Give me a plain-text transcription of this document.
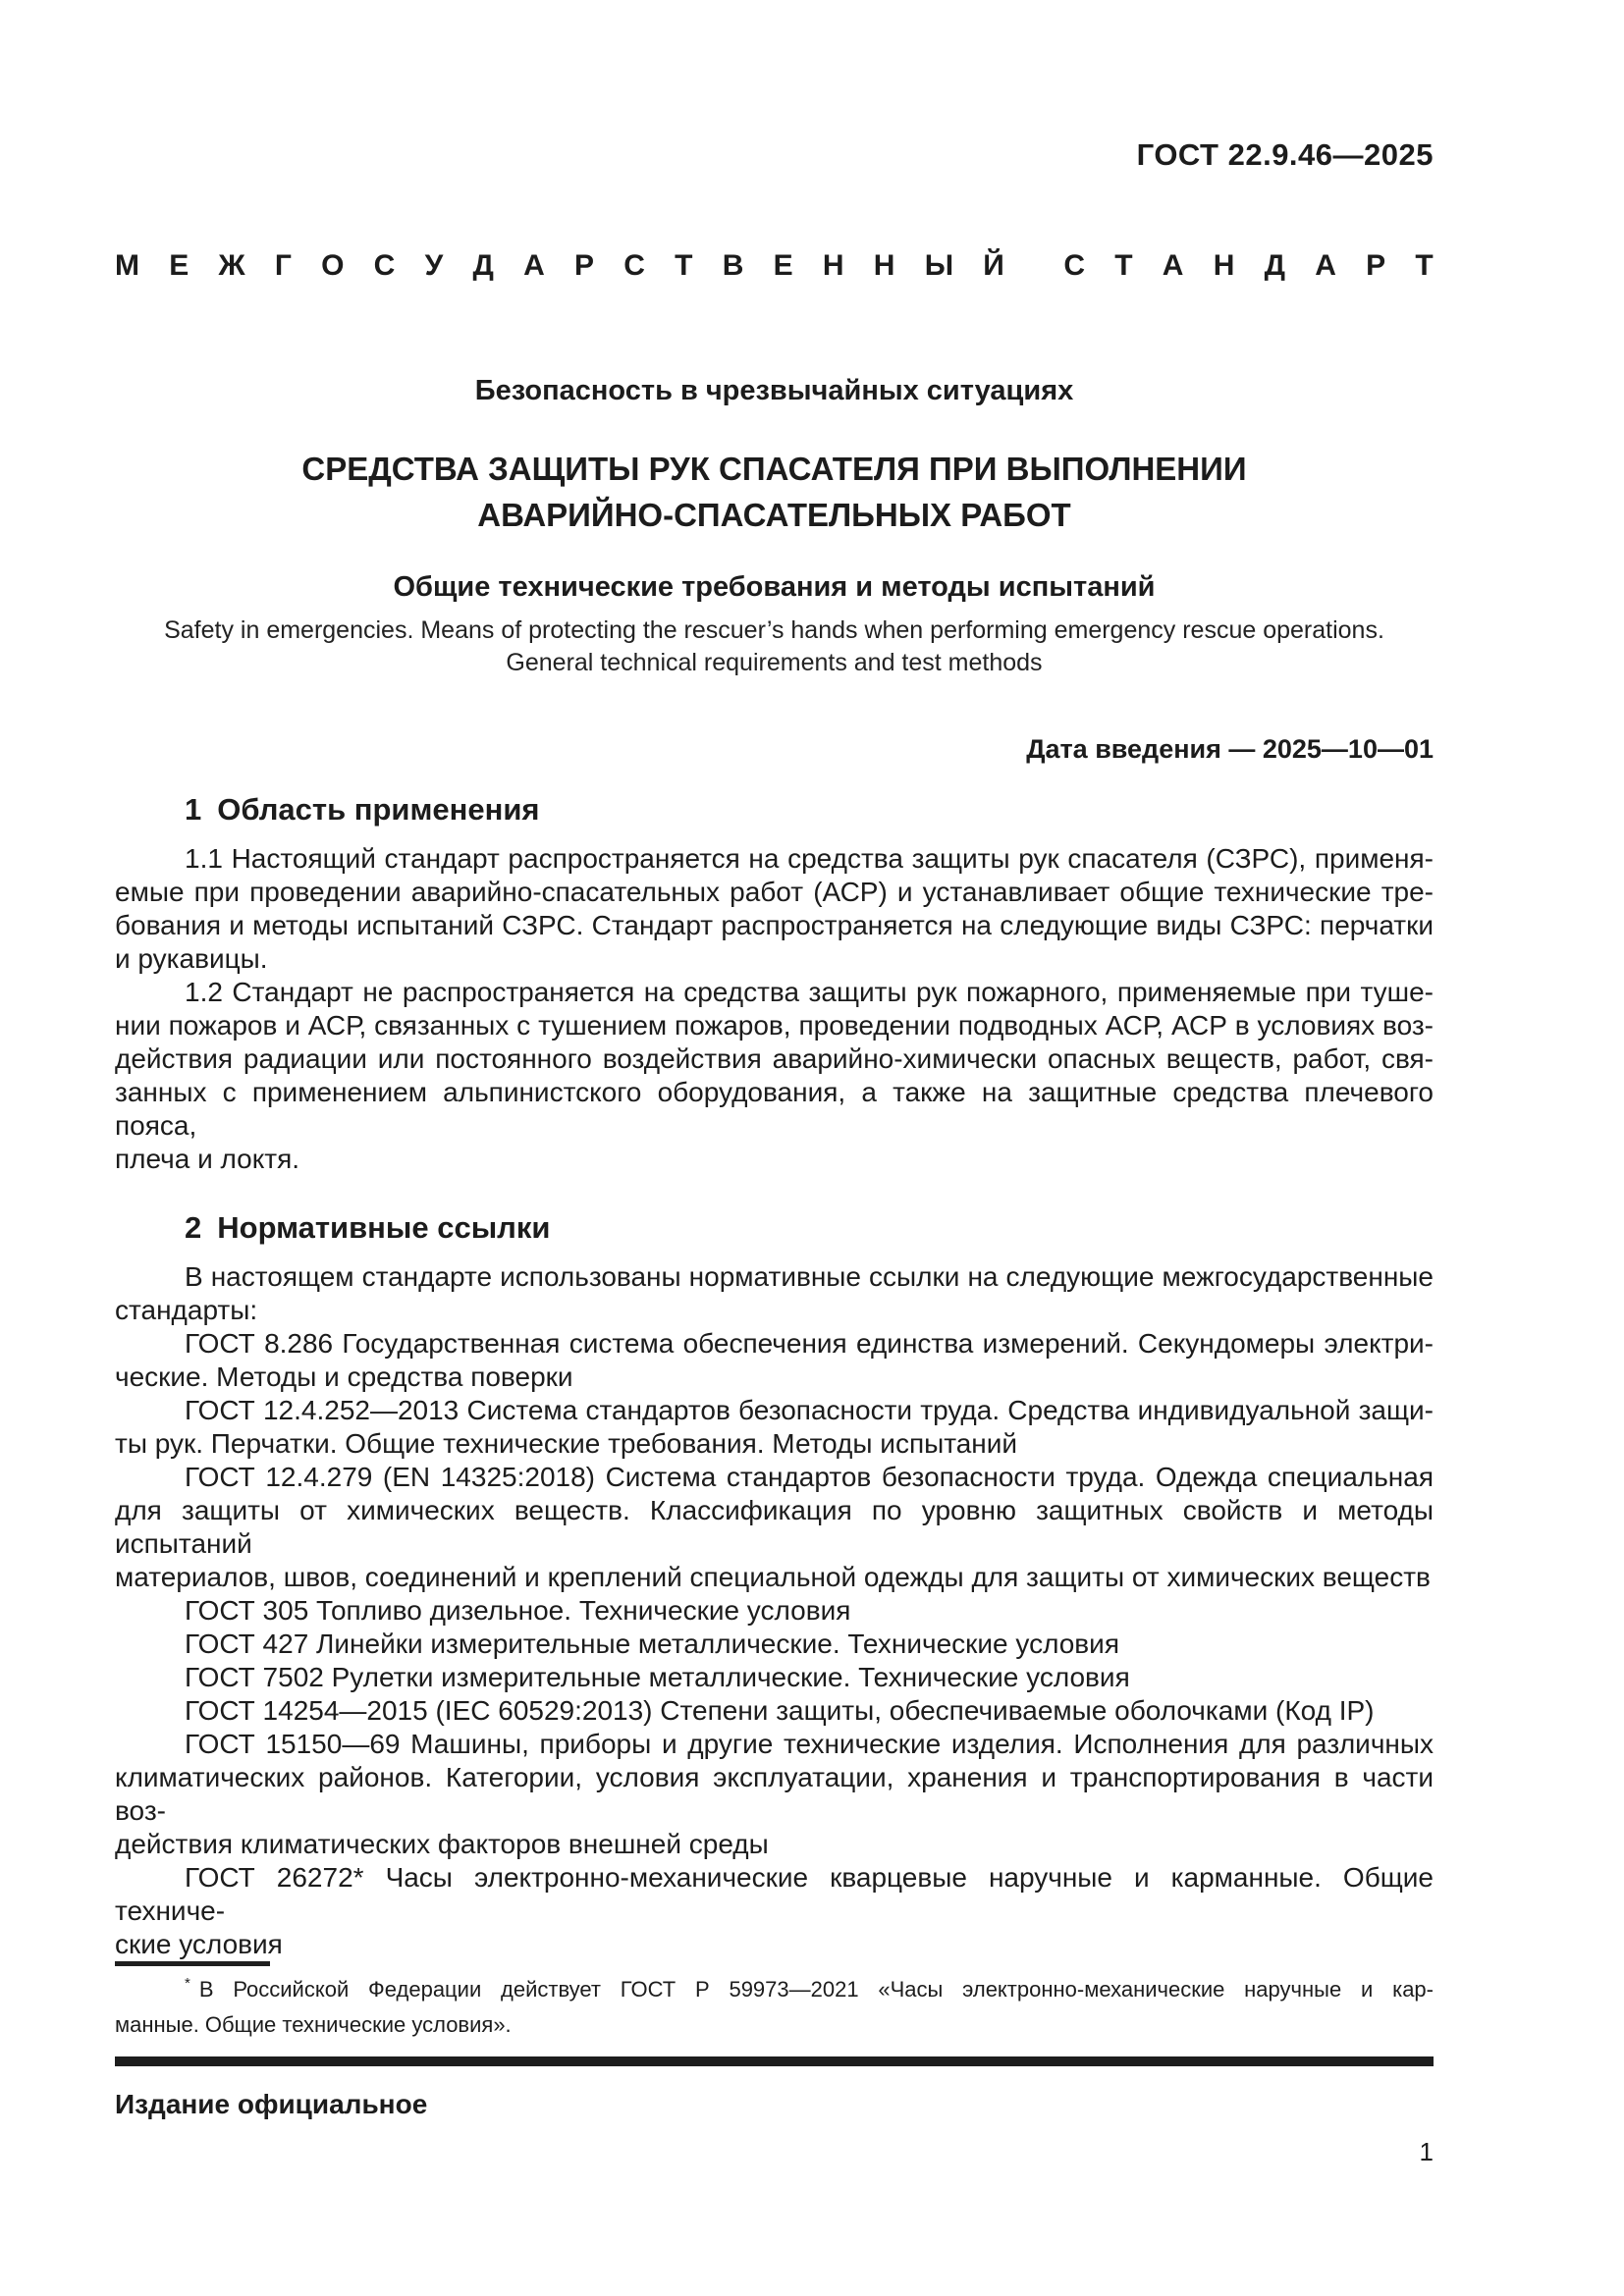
ГОСТ 22.9.46—2025
М Е Ж Г О С У Д А Р С Т В Е Н Н Ы Й С Т А Н Д А Р Т
Безопасность в чрезвычайных ситуациях
СРЕДСТВА ЗАЩИТЫ РУК СПАСАТЕЛЯ ПРИ ВЫПОЛНЕНИИ
АВАРИЙНО-СПАСАТЕЛЬНЫХ РАБОТ
Общие технические требования и методы испытаний
Safety in emergencies. Means of protecting the rescuer’s hands when performing emergency rescue operations.
General technical requirements and test methods
Дата введения — 2025—10—01
1 Область применения
1.1 Настоящий стандарт распространяется на средства защиты рук спасателя (СЗРС), применя-
емые при проведении аварийно-спасательных работ (АСР) и устанавливает общие технические тре-
бования и методы испытаний СЗРС. Стандарт распространяется на следующие виды СЗРС: перчатки
и рукавицы.
1.2 Стандарт не распространяется на средства защиты рук пожарного, применяемые при туше-
нии пожаров и АСР, связанных с тушением пожаров, проведении подводных АСР, АСР в условиях воз-
действия радиации или постоянного воздействия аварийно-химически опасных веществ, работ, свя-
занных с применением альпинистского оборудования, а также на защитные средства плечевого пояса,
плеча и локтя.
2 Нормативные ссылки
В настоящем стандарте использованы нормативные ссылки на следующие межгосударственные
стандарты:
ГОСТ 8.286 Государственная система обеспечения единства измерений. Секундомеры электри-
ческие. Методы и средства поверки
ГОСТ 12.4.252—2013 Система стандартов безопасности труда. Средства индивидуальной защи-
ты рук. Перчатки. Общие технические требования. Методы испытаний
ГОСТ 12.4.279 (EN 14325:2018) Система стандартов безопасности труда. Одежда специальная
для защиты от химических веществ. Классификация по уровню защитных свойств и методы испытаний
материалов, швов, соединений и креплений специальной одежды для защиты от химических веществ
ГОСТ 305 Топливо дизельное. Технические условия
ГОСТ 427 Линейки измерительные металлические. Технические условия
ГОСТ 7502 Рулетки измерительные металлические. Технические условия
ГОСТ 14254—2015 (IEC 60529:2013) Степени защиты, обеспечиваемые оболочками (Код IP)
ГОСТ 15150—69 Машины, приборы и другие технические изделия. Исполнения для различных
климатических районов. Категории, условия эксплуатации, хранения и транспортирования в части воз-
действия климатических факторов внешней среды
ГОСТ 26272* Часы электронно-механические кварцевые наручные и карманные. Общие техниче-
ские условия
* В Российской Федерации действует ГОСТ Р 59973—2021 «Часы электронно-механические наручные и кар-
манные. Общие технические условия».
Издание официальное
1
